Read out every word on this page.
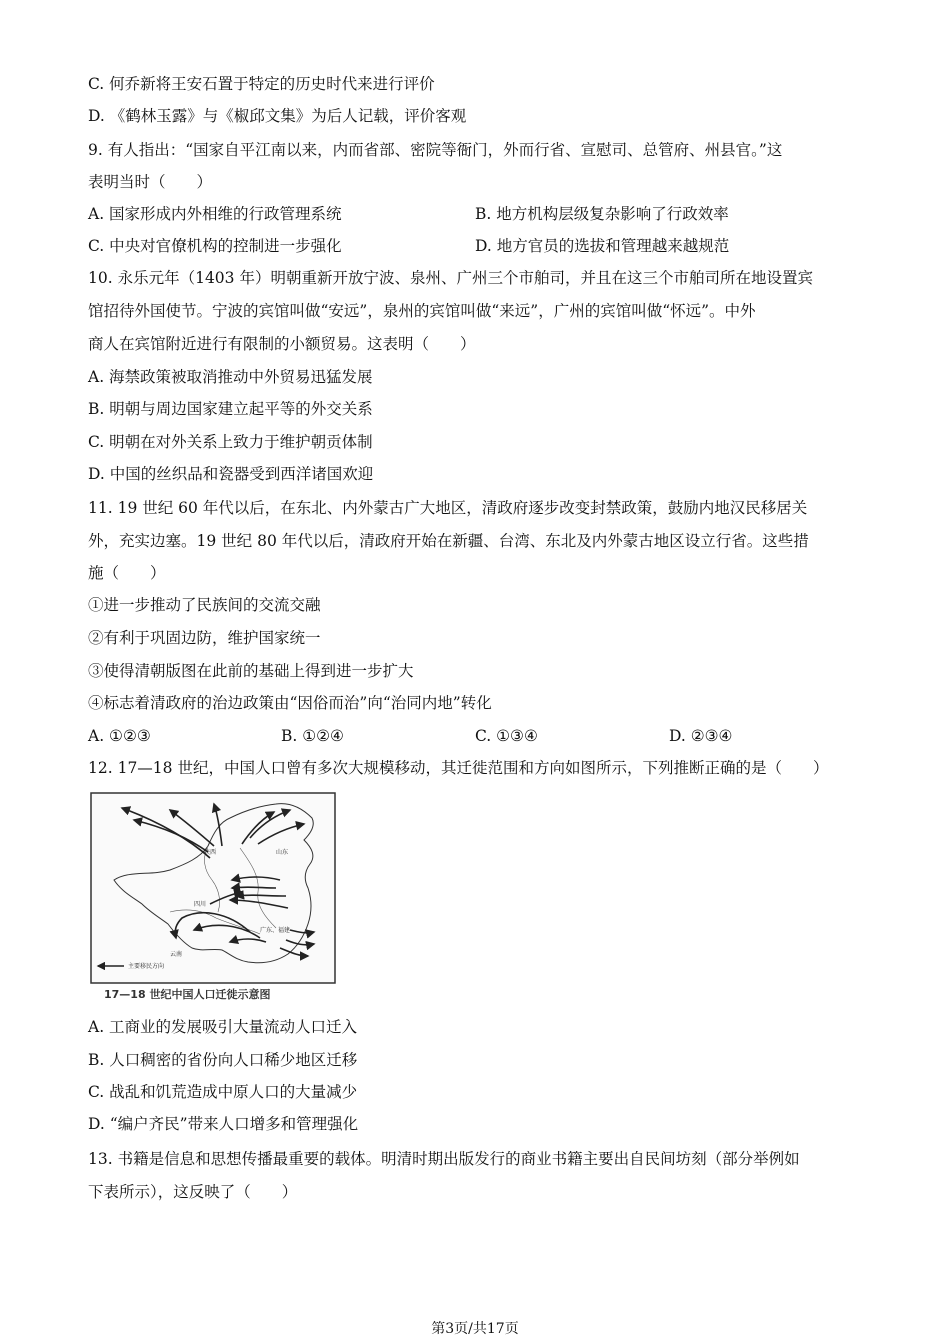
C. 何乔新将王安石置于特定的历史时代来进行评价
D. 《鹤林玉露》与《椒邱文集》为后人记载，评价客观
9. 有人指出：“国家自平江南以来，内而省部、密院等衙门，外而行省、宣慰司、总管府、州县官。”这
表明当时（　　）
A. 国家形成内外相维的行政管理系统	B. 地方机构层级复杂影响了行政效率
C. 中央对官僚机构的控制进一步强化	D. 地方官员的选拔和管理越来越规范
10. 永乐元年（1403 年）明朝重新开放宁波、泉州、广州三个市舶司，并且在这三个市舶司所在地设置宾
馆招待外国使节。宁波的宾馆叫做“安远”，泉州的宾馆叫做“来远”，广州的宾馆叫做“怀远”。中外
商人在宾馆附近进行有限制的小额贸易。这表明（　　）
A. 海禁政策被取消推动中外贸易迅猛发展
B. 明朝与周边国家建立起平等的外交关系
C. 明朝在对外关系上致力于维护朝贡体制
D. 中国的丝织品和瓷器受到西洋诸国欢迎
11. 19 世纪 60 年代以后，在东北、内外蒙古广大地区，清政府逐步改变封禁政策，鼓励内地汉民移居关
外，充实边塞。19 世纪 80 年代以后，清政府开始在新疆、台湾、东北及内外蒙古地区设立行省。这些措
施（　　）
①进一步推动了民族间的交流交融
②有利于巩固边防，维护国家统一
③使得清朝版图在此前的基础上得到进一步扩大
④标志着清政府的治边政策由“因俗而治”向“治同内地”转化
A. ①②③	B. ①②④	C. ①③④	D. ②③④
12. 17—18 世纪，中国人口曾有多次大规模移动，其迁徙范围和方向如图所示，下列推断正确的是（　　）
陕西	山东
四川
云南
广东、福建
主要移民方向
17—18 世纪中国人口迁徙示意图
A. 工商业的发展吸引大量流动人口迁入
B. 人口稠密的省份向人口稀少地区迁移
C. 战乱和饥荒造成中原人口的大量减少
D. “编户齐民”带来人口增多和管理强化
13. 书籍是信息和思想传播最重要的载体。明清时期出版发行的商业书籍主要出自民间坊刻（部分举例如
下表所示），这反映了（　　）
第3页/共17页
